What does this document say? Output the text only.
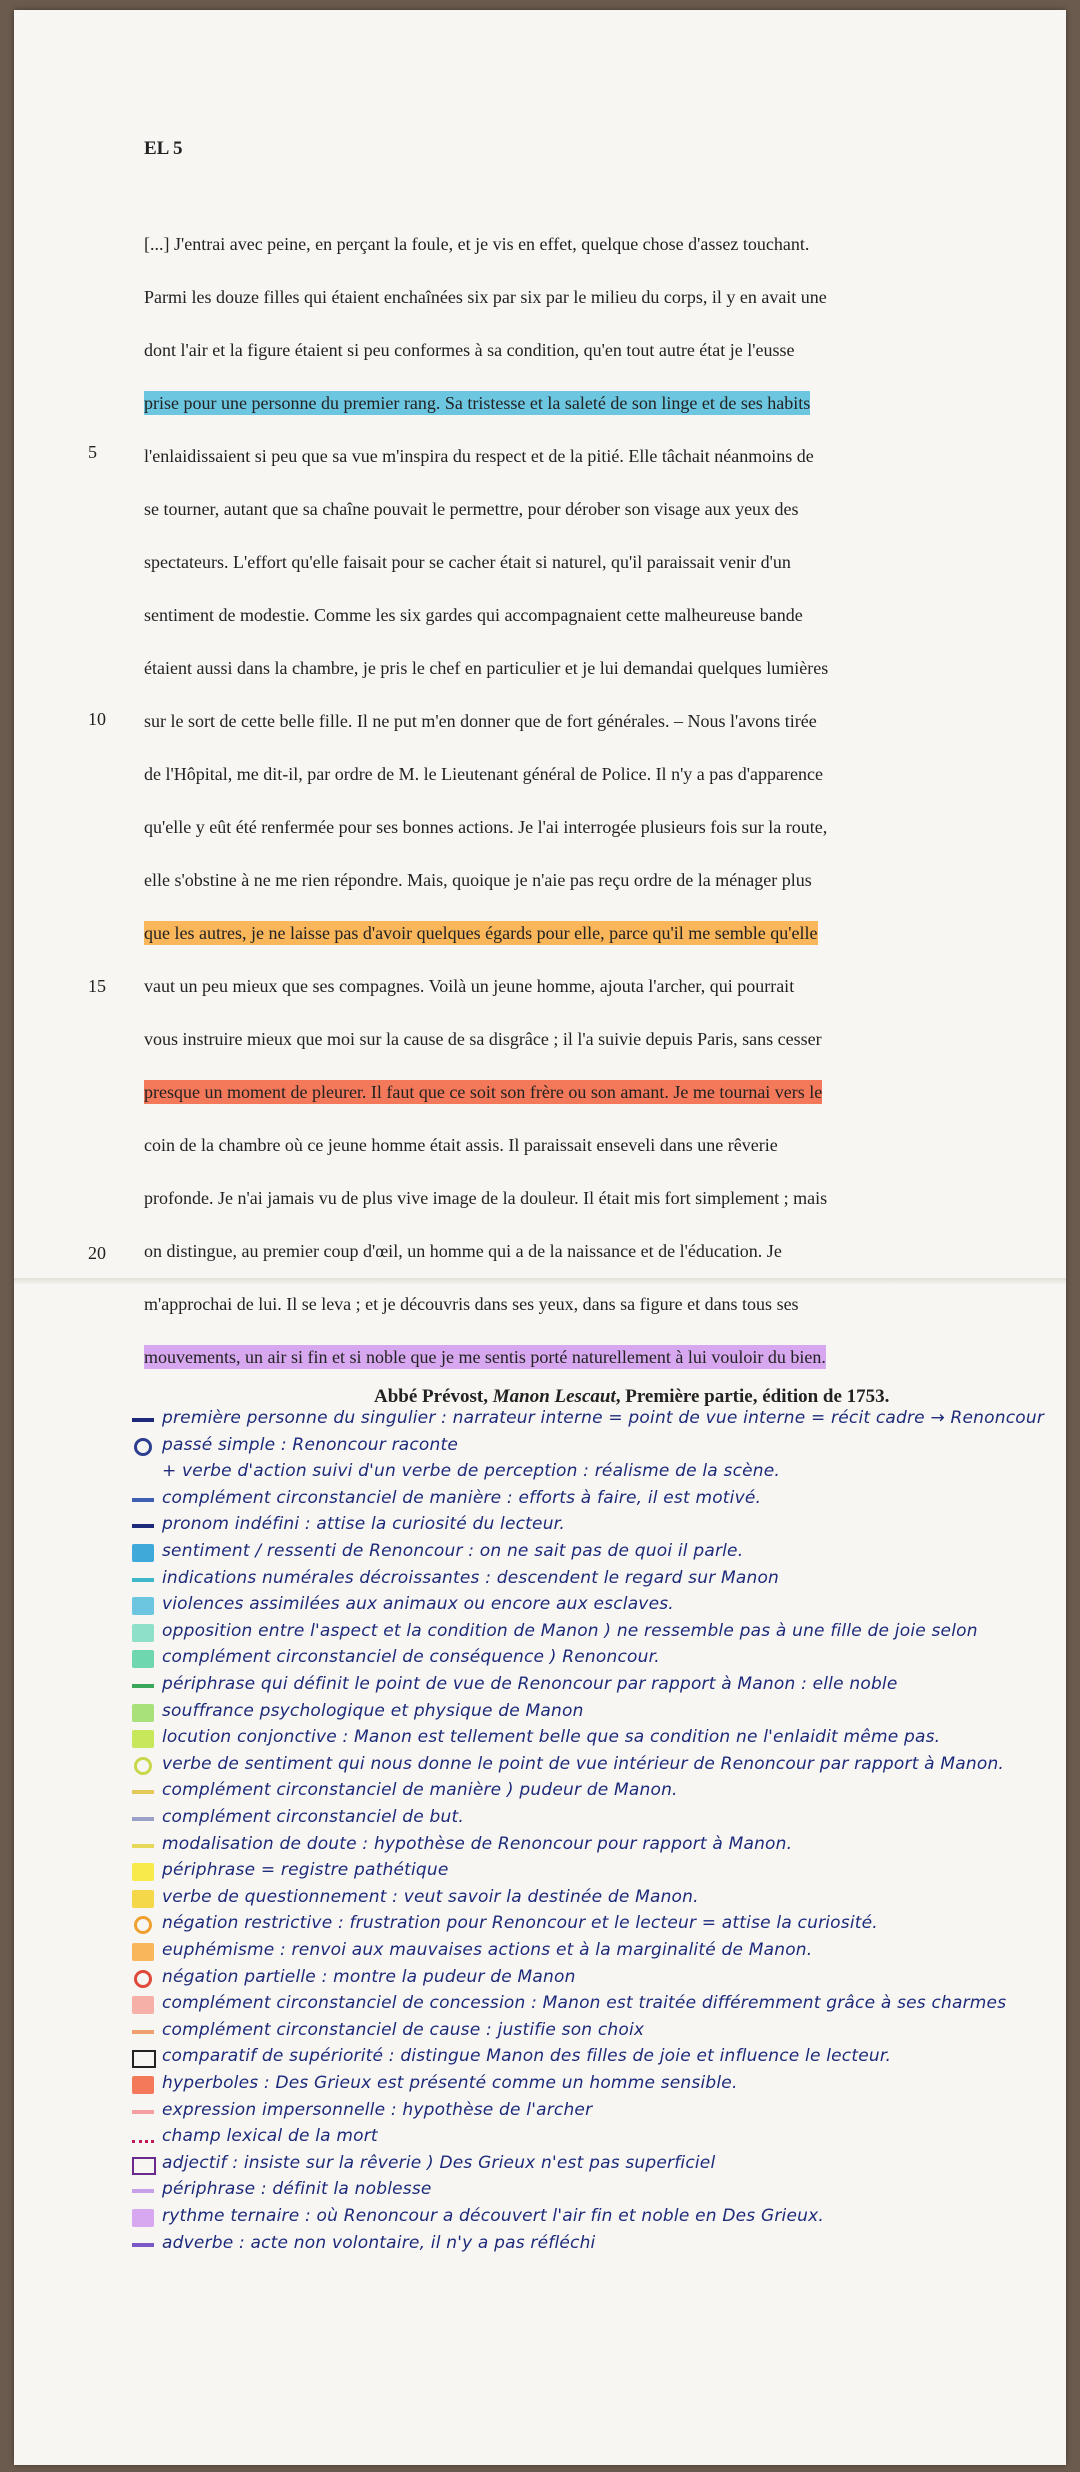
EL 5
5
10
15
20
[...] J'entrai avec peine, en perçant la foule, et je vis en effet, quelque chose d'assez touchant.
Parmi les douze filles qui étaient enchaînées six par six par le milieu du corps, il y en avait une
dont l'air et la figure étaient si peu conformes à sa condition, qu'en tout autre état je l'eusse
prise pour une personne du premier rang. Sa tristesse et la saleté de son linge et de ses habits
l'enlaidissaient si peu que sa vue m'inspira du respect et de la pitié. Elle tâchait néanmoins de
se tourner, autant que sa chaîne pouvait le permettre, pour dérober son visage aux yeux des
spectateurs. L'effort qu'elle faisait pour se cacher était si naturel, qu'il paraissait venir d'un
sentiment de modestie. Comme les six gardes qui accompagnaient cette malheureuse bande
étaient aussi dans la chambre, je pris le chef en particulier et je lui demandai quelques lumières
sur le sort de cette belle fille. Il ne put m'en donner que de fort générales. – Nous l'avons tirée
de l'Hôpital, me dit-il, par ordre de M. le Lieutenant général de Police. Il n'y a pas d'apparence
qu'elle y eût été renfermée pour ses bonnes actions. Je l'ai interrogée plusieurs fois sur la route,
elle s'obstine à ne me rien répondre. Mais, quoique je n'aie pas reçu ordre de la ménager plus
que les autres, je ne laisse pas d'avoir quelques égards pour elle, parce qu'il me semble qu'elle
vaut un peu mieux que ses compagnes. Voilà un jeune homme, ajouta l'archer, qui pourrait
vous instruire mieux que moi sur la cause de sa disgrâce ; il l'a suivie depuis Paris, sans cesser
presque un moment de pleurer. Il faut que ce soit son frère ou son amant. Je me tournai vers le
coin de la chambre où ce jeune homme était assis. Il paraissait enseveli dans une rêverie
profonde. Je n'ai jamais vu de plus vive image de la douleur. Il était mis fort simplement ; mais
on distingue, au premier coup d'œil, un homme qui a de la naissance et de l'éducation. Je
m'approchai de lui. Il se leva ; et je découvris dans ses yeux, dans sa figure et dans tous ses
mouvements, un air si fin et si noble que je me sentis porté naturellement à lui vouloir du bien.
Abbé Prévost, Manon Lescaut, Première partie, édition de 1753.
première personne du singulier : narrateur interne = point de vue interne = récit cadre → Renoncour
passé simple : Renoncour raconte
+ verbe d'action suivi d'un verbe de perception : réalisme de la scène.
complément circonstanciel de manière : efforts à faire, il est motivé.
pronom indéfini : attise la curiosité du lecteur.
sentiment / ressenti de Renoncour : on ne sait pas de quoi il parle.
indications numérales décroissantes : descendent le regard sur Manon
violences assimilées aux animaux ou encore aux esclaves.
opposition entre l'aspect et la condition de Manon ) ne ressemble pas à une fille de joie selon
complément circonstanciel de conséquence ) Renoncour.
périphrase qui définit le point de vue de Renoncour par rapport à Manon : elle noble
souffrance psychologique et physique de Manon
locution conjonctive : Manon est tellement belle que sa condition ne l'enlaidit même pas.
verbe de sentiment qui nous donne le point de vue intérieur de Renoncour par rapport à Manon.
complément circonstanciel de manière ) pudeur de Manon.
complément circonstanciel de but.
modalisation de doute : hypothèse de Renoncour pour rapport à Manon.
périphrase = registre pathétique
verbe de questionnement : veut savoir la destinée de Manon.
négation restrictive : frustration pour Renoncour et le lecteur = attise la curiosité.
euphémisme : renvoi aux mauvaises actions et à la marginalité de Manon.
négation partielle : montre la pudeur de Manon
complément circonstanciel de concession : Manon est traitée différemment grâce à ses charmes
complément circonstanciel de cause : justifie son choix
comparatif de supériorité : distingue Manon des filles de joie et influence le lecteur.
hyperboles : Des Grieux est présenté comme un homme sensible.
expression impersonnelle : hypothèse de l'archer
champ lexical de la mort
adjectif : insiste sur la rêverie ) Des Grieux n'est pas superficiel
périphrase : définit la noblesse
rythme ternaire : où Renoncour a découvert l'air fin et noble en Des Grieux.
adverbe : acte non volontaire, il n'y a pas réfléchi
